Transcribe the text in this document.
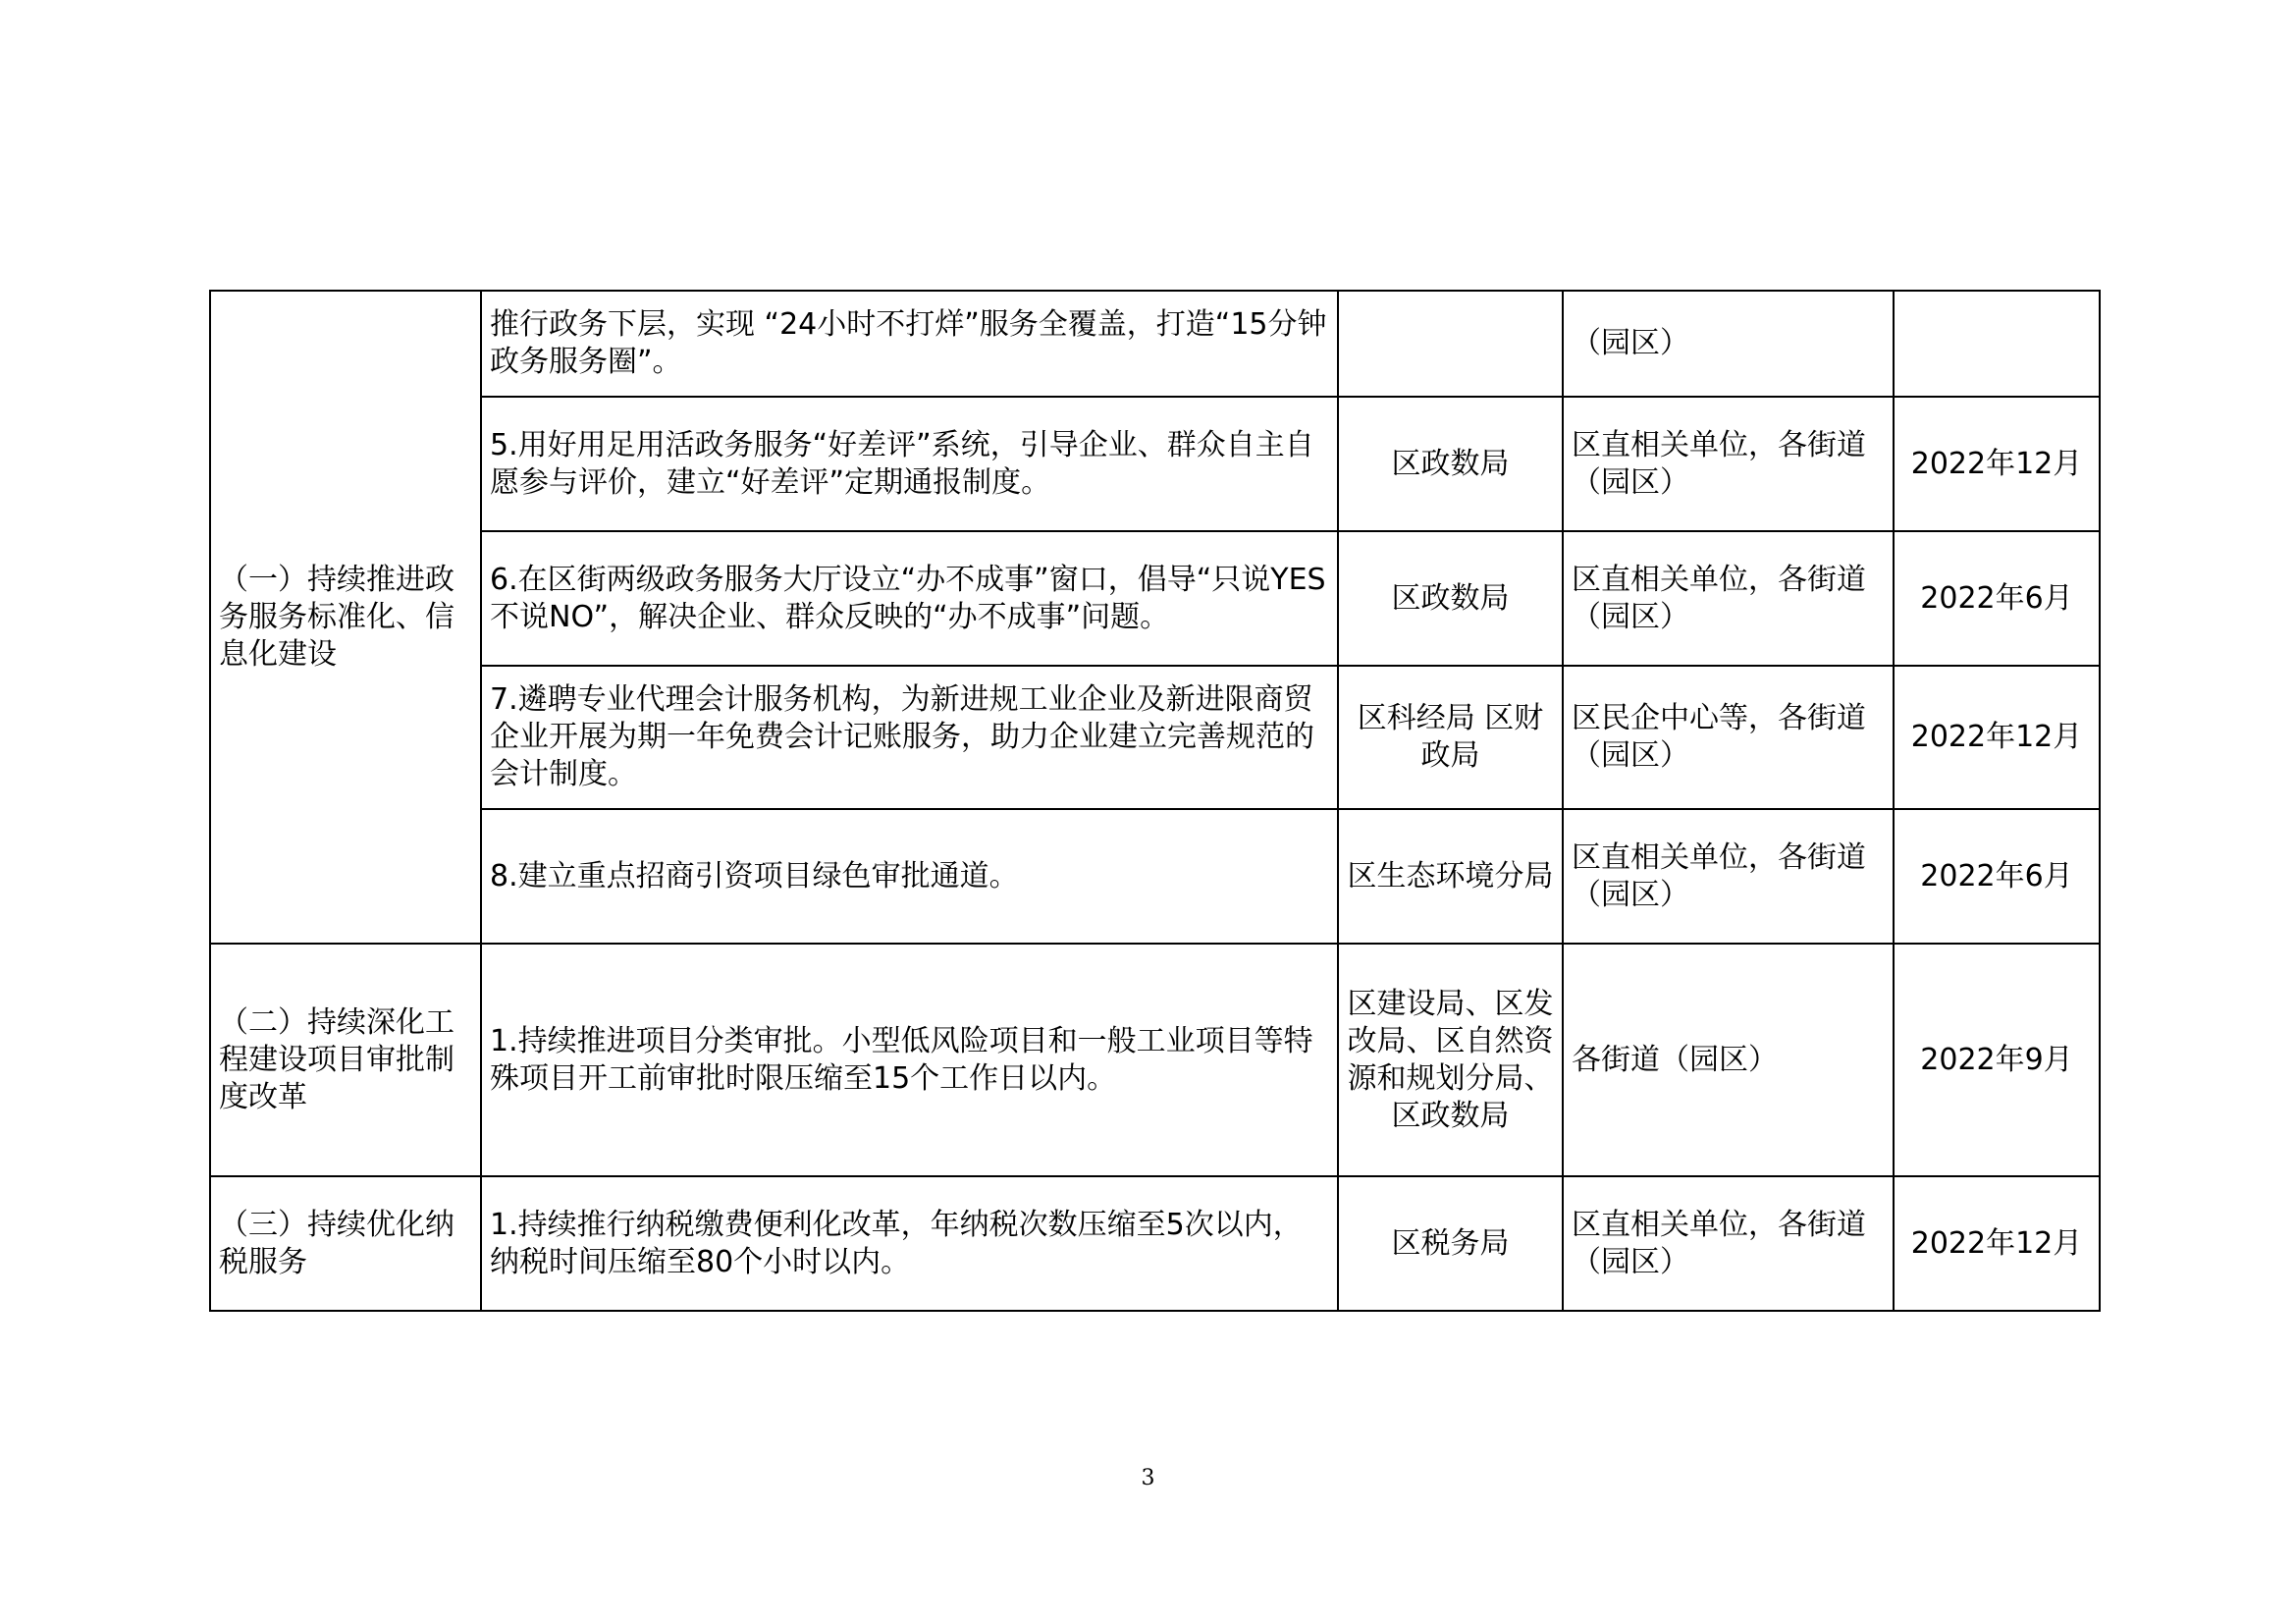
（一）持续推进政务服务标准化、信息化建设	推行政务下层，实现 “24小时不打烊”服务全覆盖，打造“15分钟政务服务圈”。		（园区）	
	5.用好用足用活政务服务“好差评”系统，引导企业、群众自主自愿参与评价，建立“好差评”定期通报制度。	区政数局	区直相关单位，各街道（园区）	2022年12月
	6.在区街两级政务服务大厅设立“办不成事”窗口，倡导“只说YES不说NO”，解决企业、群众反映的“办不成事”问题。	区政数局	区直相关单位，各街道（园区）	2022年6月
	7.遴聘专业代理会计服务机构，为新进规工业企业及新进限商贸企业开展为期一年免费会计记账服务，助力企业建立完善规范的会计制度。	区科经局 区财政局	区民企中心等，各街道（园区）	2022年12月
	8.建立重点招商引资项目绿色审批通道。	区生态环境分局	区直相关单位，各街道（园区）	2022年6月
（二）持续深化工程建设项目审批制度改革	1.持续推进项目分类审批。小型低风险项目和一般工业项目等特殊项目开工前审批时限压缩至15个工作日以内。	区建设局、区发改局、区自然资源和规划分局、区政数局	各街道（园区）	2022年9月
（三）持续优化纳税服务	1.持续推行纳税缴费便利化改革，年纳税次数压缩至5次以内，纳税时间压缩至80个小时以内。	区税务局	区直相关单位，各街道（园区）	2022年12月
3
